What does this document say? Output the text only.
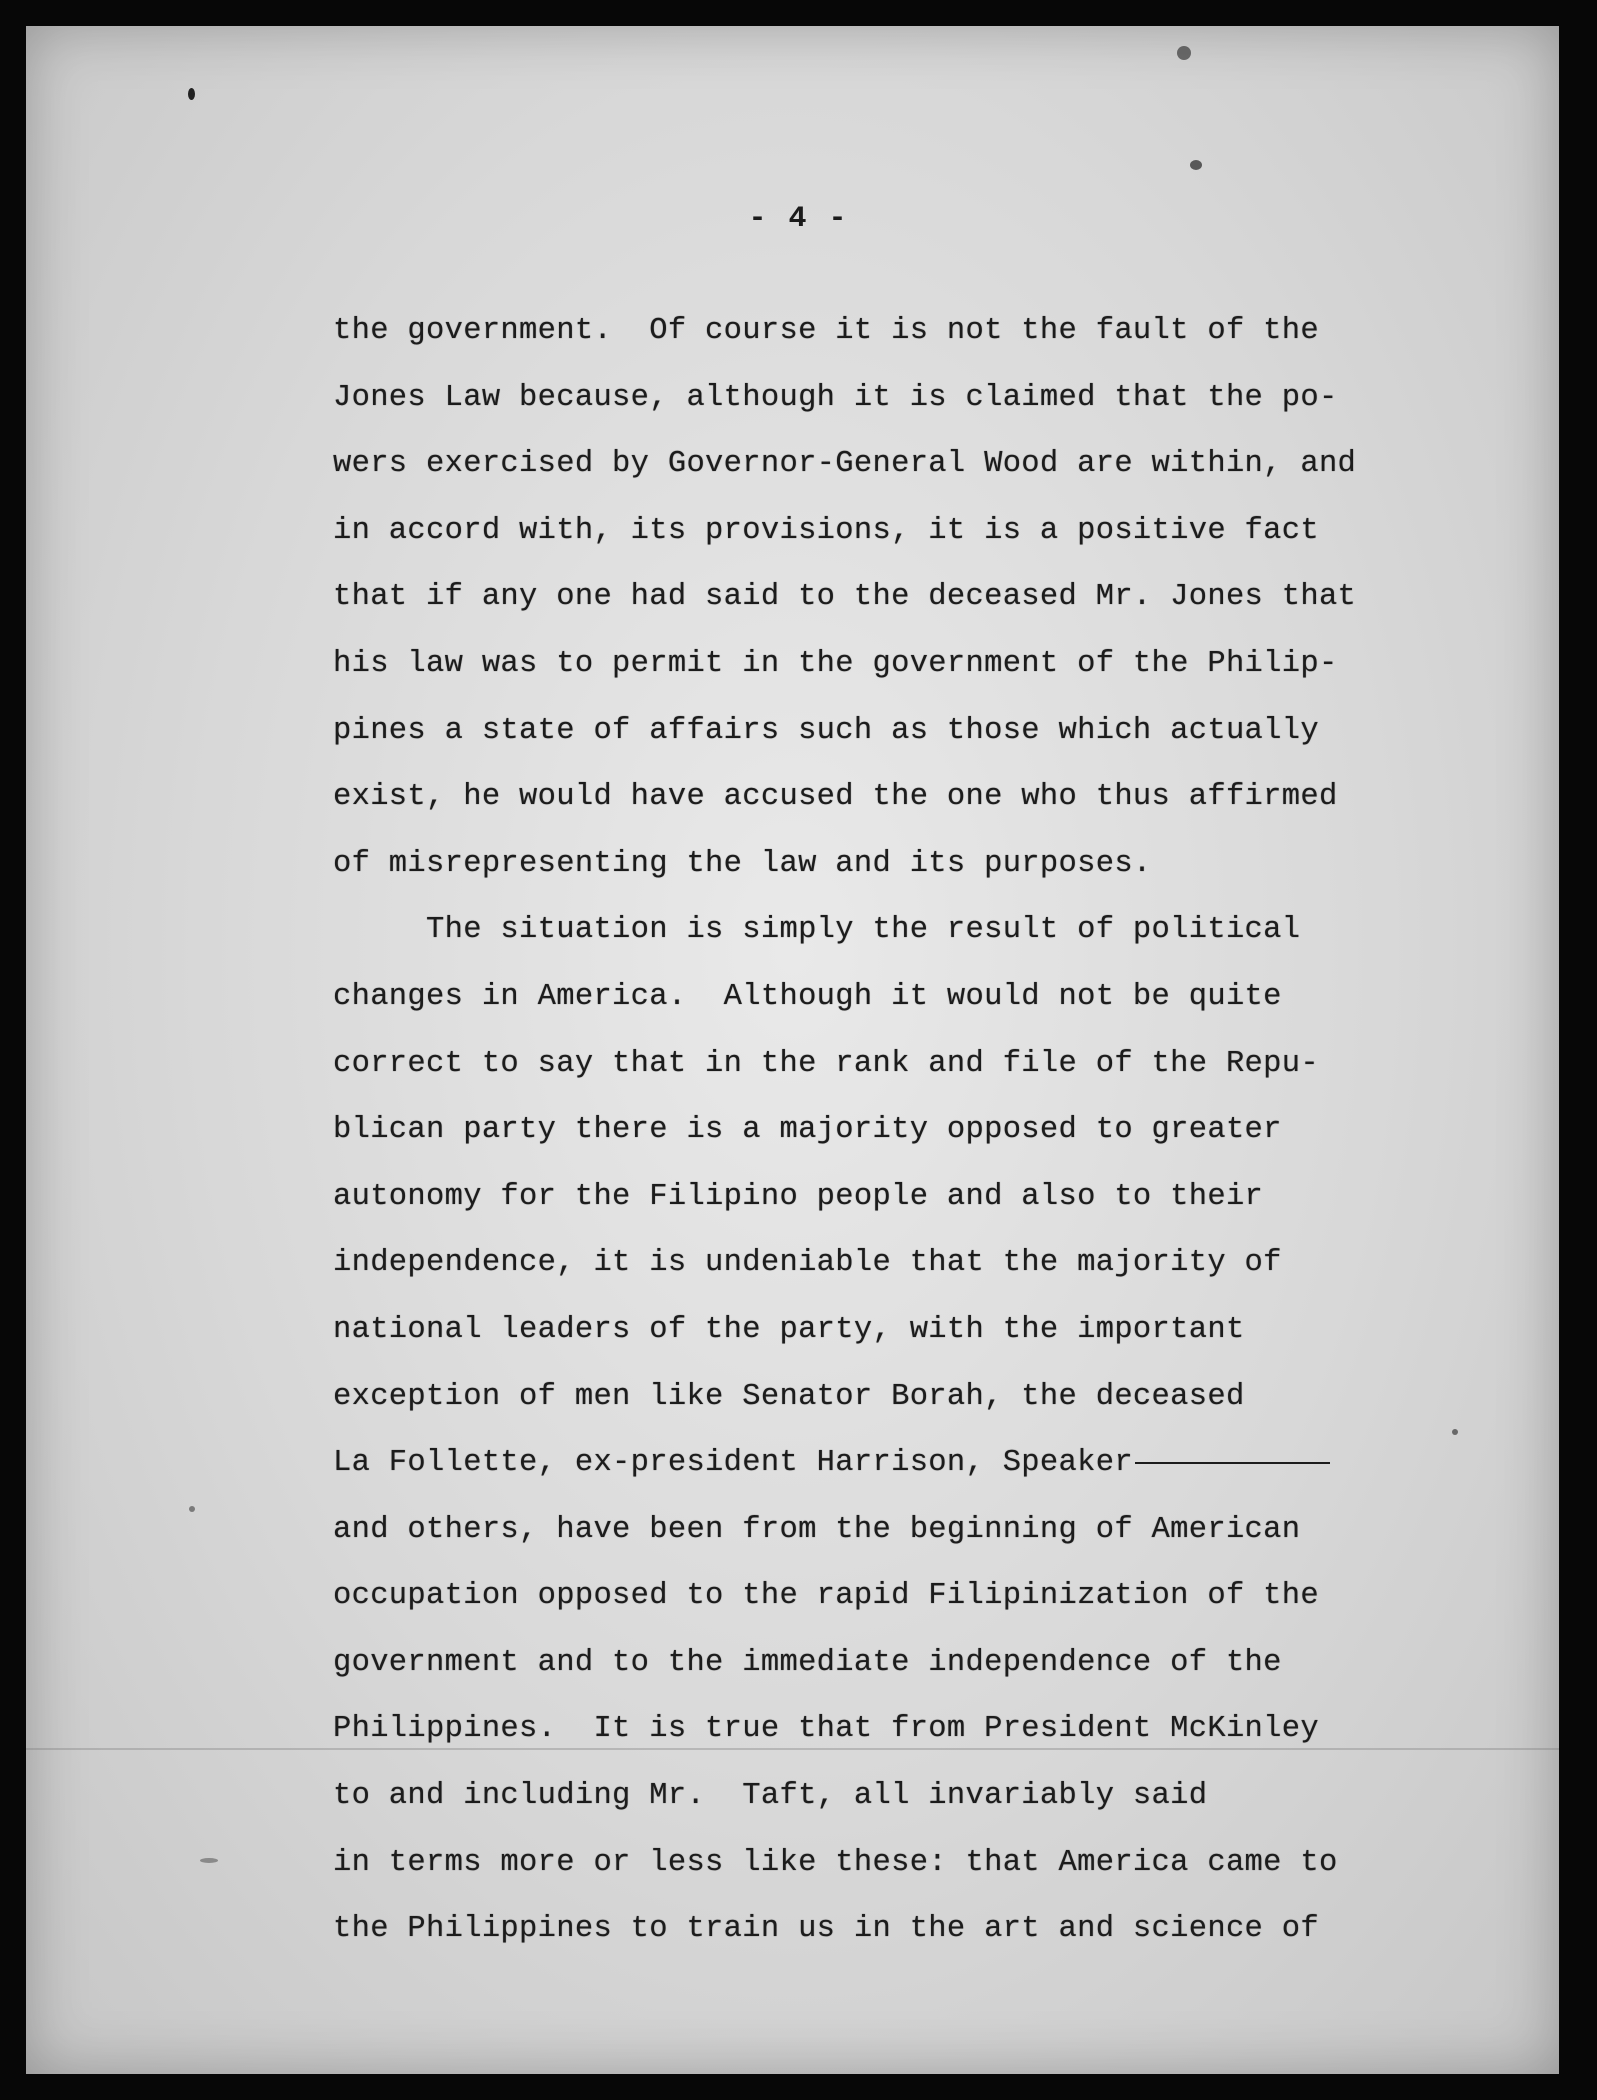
- 4 -
the government.  Of course it is not the fault of the
Jones Law because, although it is claimed that the po-
wers exercised by Governor-General Wood are within, and
in accord with, its provisions, it is a positive fact
that if any one had said to the deceased Mr. Jones that
his law was to permit in the government of the Philip-
pines a state of affairs such as those which actually
exist, he would have accused the one who thus affirmed
of misrepresenting the law and its purposes.
The situation is simply the result of political
changes in America.  Although it would not be quite
correct to say that in the rank and file of the Repu-
blican party there is a majority opposed to greater
autonomy for the Filipino people and also to their
independence, it is undeniable that the majority of
national leaders of the party, with the important
exception of men like Senator Borah, the deceased
La Follette, ex-president Harrison, Speaker
and others, have been from the beginning of American
occupation opposed to the rapid Filipinization of the
government and to the immediate independence of the
Philippines.  It is true that from President McKinley
to and including Mr.  Taft, all invariably said
in terms more or less like these: that America came to
the Philippines to train us in the art and science of
